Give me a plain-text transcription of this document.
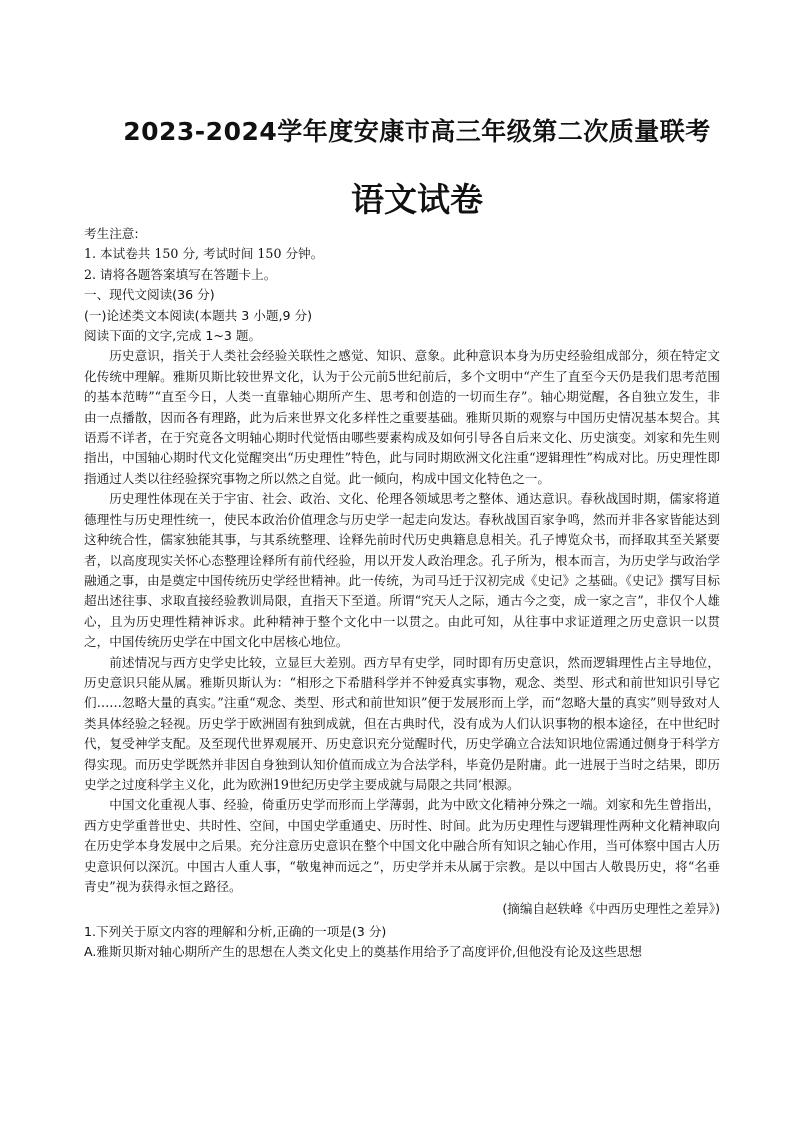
2023-2024学年度安康市高三年级第二次质量联考
语文试卷

考生注意:

1. 本试卷共 150 分, 考试时间 150 分钟。

2. 请将各题答案填写在答题卡上。

一、现代文阅读(36 分)

(一)论述类文本阅读(本题共 3 小题,9 分)

阅读下面的文字,完成 1~3 题。

历史意识，指关于人类社会经验关联性之感觉、知识、意象。此种意识本身为历史经验组成部分，须在特定文化传统中理解。雅斯贝斯比较世界文化，认为于公元前5世纪前后，多个文明中“产生了直至今天仍是我们思考范围的基本范畴”“直至今日，人类一直靠轴心期所产生、思考和创造的一切而生存”。轴心期觉醒，各自独立发生，非由一点播散，因而各有理路，此为后来世界文化多样性之重要基础。雅斯贝斯的观察与中国历史情况基本契合。其语焉不详者，在于究竟各文明轴心期时代觉悟由哪些要素构成及如何引导各自后来文化、历史演变。刘家和先生则指出，中国轴心期时代文化觉醒突出“历史理性”特色，此与同时期欧洲文化注重“逻辑理性”构成对比。历史理性即指通过人类以往经验探究事物之所以然之自觉。此一倾向，构成中国文化特色之一。

历史理性体现在关于宇宙、社会、政治、文化、伦理各领域思考之整体、通达意识。春秋战国时期，儒家将道德理性与历史理性统一，使民本政治价值理念与历史学一起走向发达。春秋战国百家争鸣，然而并非各家皆能达到这种统合性，儒家独能其事，与其系统整理、诠释先前时代历史典籍息息相关。孔子博览众书，而择取其至关紧要者，以高度现实关怀心态整理诠释所有前代经验，用以开发人政治理念。孔子所为，根本而言，为历史学与政治学融通之事，由是奠定中国传统历史学经世精神。此一传统，为司马迁于汉初完成《史记》之基础。《史记》撰写目标超出述往事、求取直接经验教训局限，直指天下至道。所谓“究天人之际，通古今之变，成一家之言”，非仅个人雄心，且为历史理性精神诉求。此种精神于整个文化中一以贯之。由此可知，从往事中求证道理之历史意识一以贯之，中国传统历史学在中国文化中居核心地位。

前述情况与西方史学史比较，立显巨大差别。西方早有史学，同时即有历史意识，然而逻辑理性占主导地位，历史意识只能从属。雅斯贝斯认为：“相形之下希腊科学并不钟爱真实事物，观念、类型、形式和前世知识引导它们……忽略大量的真实。”注重“观念、类型、形式和前世知识”便于发展形而上学，而“忽略大量的真实”则导致对人类具体经验之轻视。历史学于欧洲固有独到成就，但在古典时代，没有成为人们认识事物的根本途径，在中世纪时代，复受神学支配。及至现代世界观展开、历史意识充分觉醒时代，历史学确立合法知识地位需通过侧身于科学方得实现。而历史学既然并非因自身独到认知价值而成立为合法学科，毕竟仍是附庸。此一进展于当时之结果，即历史学之过度科学主义化，此为欧洲19世纪历史学主要成就与局限之共同’根源。

中国文化重视人事、经验，倚重历史学而形而上学薄弱，此为中欧文化精神分殊之一端。刘家和先生曾指出，西方史学重普世史、共时性、空间，中国史学重通史、历时性、时间。此为历史理性与逻辑理性两种文化精神取向在历史学本身发展中之后果。充分注意历史意识在整个中国文化中融合所有知识之轴心作用，当可体察中国古人历史意识何以深沉。中国古人重人事，“敬鬼神而远之”，历史学并未从属于宗教。是以中国古人敬畏历史，将“名垂青史”视为获得永恒之路径。

(摘编自赵轶峰《中西历史理性之差异》)

1.下列关于原文内容的理解和分析,正确的一项是(3 分)

A.雅斯贝斯对轴心期所产生的思想在人类文化史上的奠基作用给予了高度评价,但他没有论及这些思想
